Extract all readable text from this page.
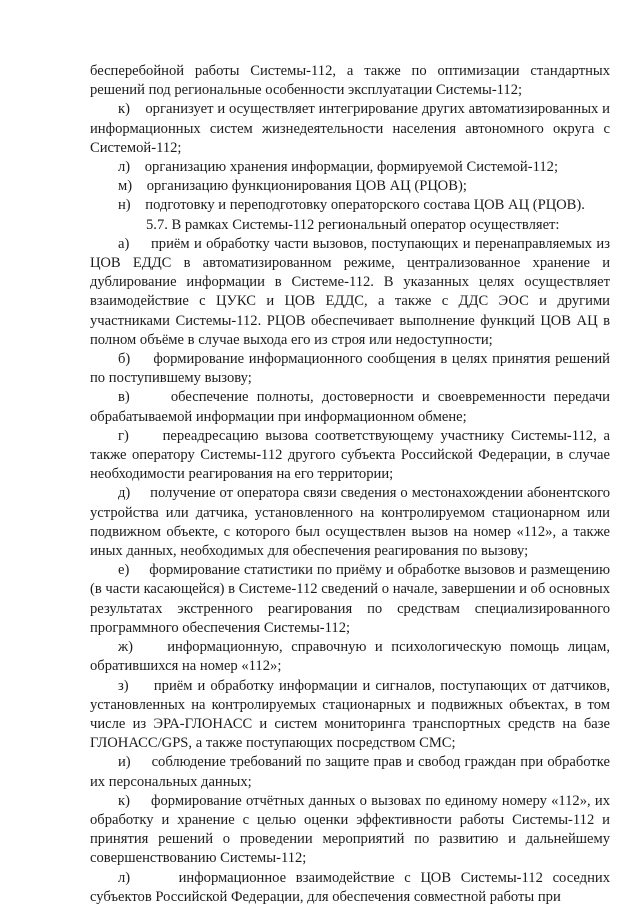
бесперебойной работы Системы-112, а также по оптимизации стандартных решений под региональные особенности эксплуатации Системы-112;

к) организует и осуществляет интегрирование других автоматизированных и информационных систем жизнедеятельности населения автономного округа с Системой-112;

л) организацию хранения информации, формируемой Системой-112;

м) организацию функционирования ЦОВ АЦ (РЦОВ);

н) подготовку и переподготовку операторского состава ЦОВ АЦ (РЦОВ).

5.7. В рамках Системы-112 региональный оператор осуществляет:

а) приём и обработку части вызовов, поступающих и перенаправляемых из ЦОВ ЕДДС в автоматизированном режиме, централизованное хранение и дублирование информации в Системе-112. В указанных целях осуществляет взаимодействие с ЦУКС и ЦОВ ЕДДС, а также с ДДС ЭОС и другими участниками Системы-112. РЦОВ обеспечивает выполнение функций ЦОВ АЦ в полном объёме в случае выхода его из строя или недоступности;

б) формирование информационного сообщения в целях принятия решений по поступившему вызову;

в)	обеспечение полноты, достоверности и своевременности передачи обрабатываемой информации при информационном обмене;

г) переадресацию вызова соответствующему участнику Системы-112, а также оператору Системы-112 другого субъекта Российской Федерации, в случае необходимости реагирования на его территории;

д) получение от оператора связи сведения о местонахождении абонентского устройства или датчика, установленного на контролируемом стационарном или подвижном объекте, с которого был осуществлен вызов на номер «112», а также иных данных, необходимых для обеспечения реагирования по вызову;

е) формирование статистики по приёму и обработке вызовов и размещению (в части касающейся) в Системе-112 сведений о начале, завершении и об основных результатах экстренного реагирования по средствам специализированного программного обеспечения Системы-112;

ж) информационную, справочную и психологическую помощь лицам, обратившихся на номер «112»;

з) приём и обработку информации и сигналов, поступающих от датчиков, установленных на контролируемых стационарных и подвижных объектах, в том числе из ЭРА-ГЛОНАСС и систем мониторинга транспортных средств на базе ГЛОНАСС/GPS, а также поступающих посредством СМС;

и) соблюдение требований по защите прав и свобод граждан при обработке их персональных данных;

к) формирование отчётных данных о вызовах по единому номеру «112», их обработку и хранение с целью оценки эффективности работы Системы-112 и принятия решений о проведении мероприятий по развитию и дальнейшему совершенствованию Системы-112;

л)	информационное взаимодействие с ЦОВ Системы-112 соседних субъектов Российской Федерации, для обеспечения совместной работы при
